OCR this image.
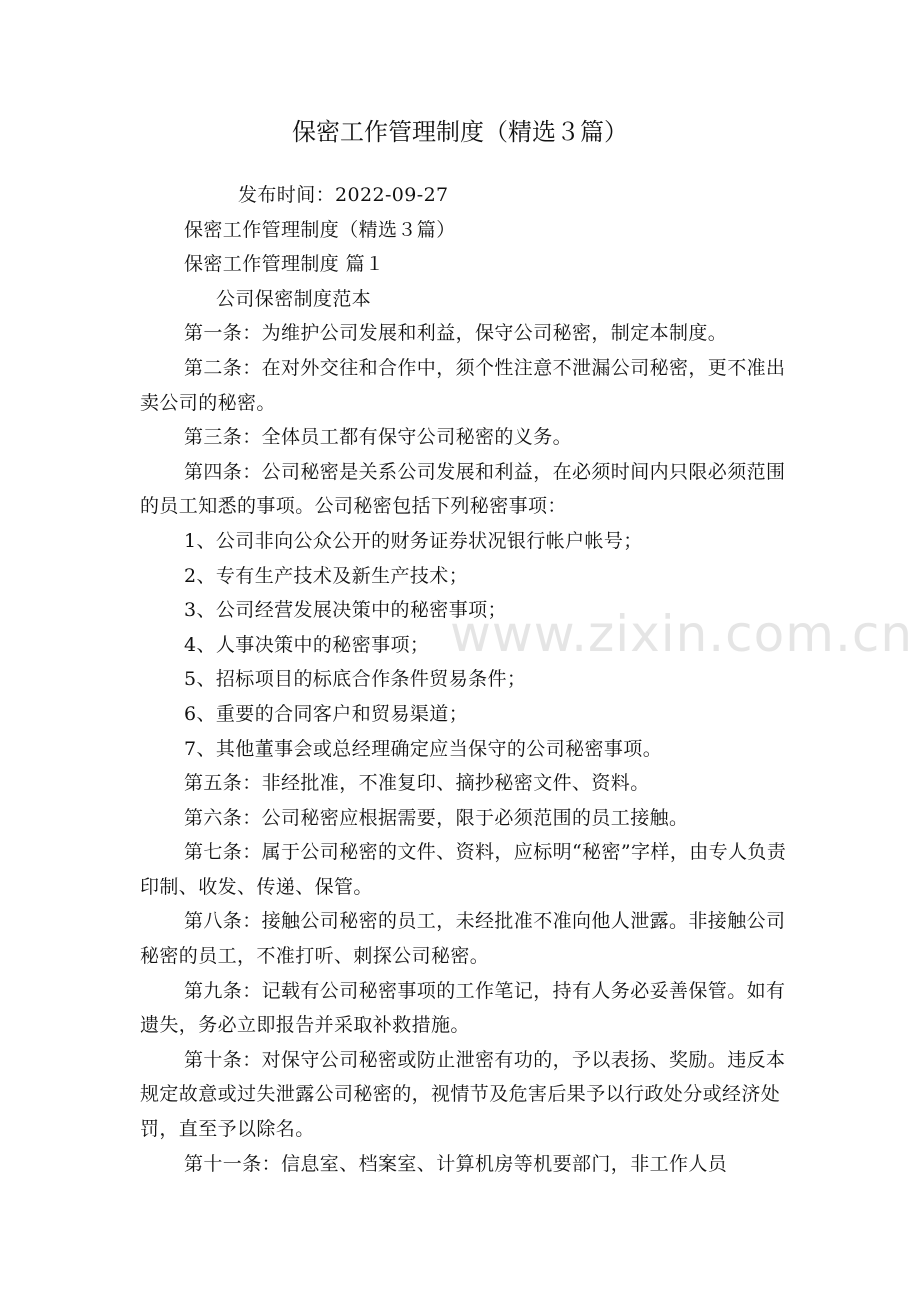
保密工作管理制度（精选３篇）

发布时间：2022-09-27

保密工作管理制度（精选３篇）

保密工作管理制度 篇１

公司保密制度范本

第一条：为维护公司发展和利益，保守公司秘密，制定本制度。

第二条：在对外交往和合作中，须个性注意不泄漏公司秘密，更不准出卖公司的秘密。

第三条：全体员工都有保守公司秘密的义务。

第四条：公司秘密是关系公司发展和利益，在必须时间内只限必须范围的员工知悉的事项。公司秘密包括下列秘密事项：

1、公司非向公众公开的财务证券状况银行帐户帐号；

2、专有生产技术及新生产技术；

3、公司经营发展决策中的秘密事项；

4、人事决策中的秘密事项；

5、招标项目的标底合作条件贸易条件；

6、重要的合同客户和贸易渠道；

7、其他董事会或总经理确定应当保守的公司秘密事项。

第五条：非经批准，不准复印、摘抄秘密文件、资料。

第六条：公司秘密应根据需要，限于必须范围的员工接触。

第七条：属于公司秘密的文件、资料，应标明“秘密”字样，由专人负责印制、收发、传递、保管。

第八条：接触公司秘密的员工，未经批准不准向他人泄露。非接触公司秘密的员工，不准打听、刺探公司秘密。

第九条：记载有公司秘密事项的工作笔记，持有人务必妥善保管。如有遗失，务必立即报告并采取补救措施。

第十条：对保守公司秘密或防止泄密有功的，予以表扬、奖励。违反本规定故意或过失泄露公司秘密的，视情节及危害后果予以行政处分或经济处罚，直至予以除名。

第十一条：信息室、档案室、计算机房等机要部门，非工作人员

www.zixin.com.cn
